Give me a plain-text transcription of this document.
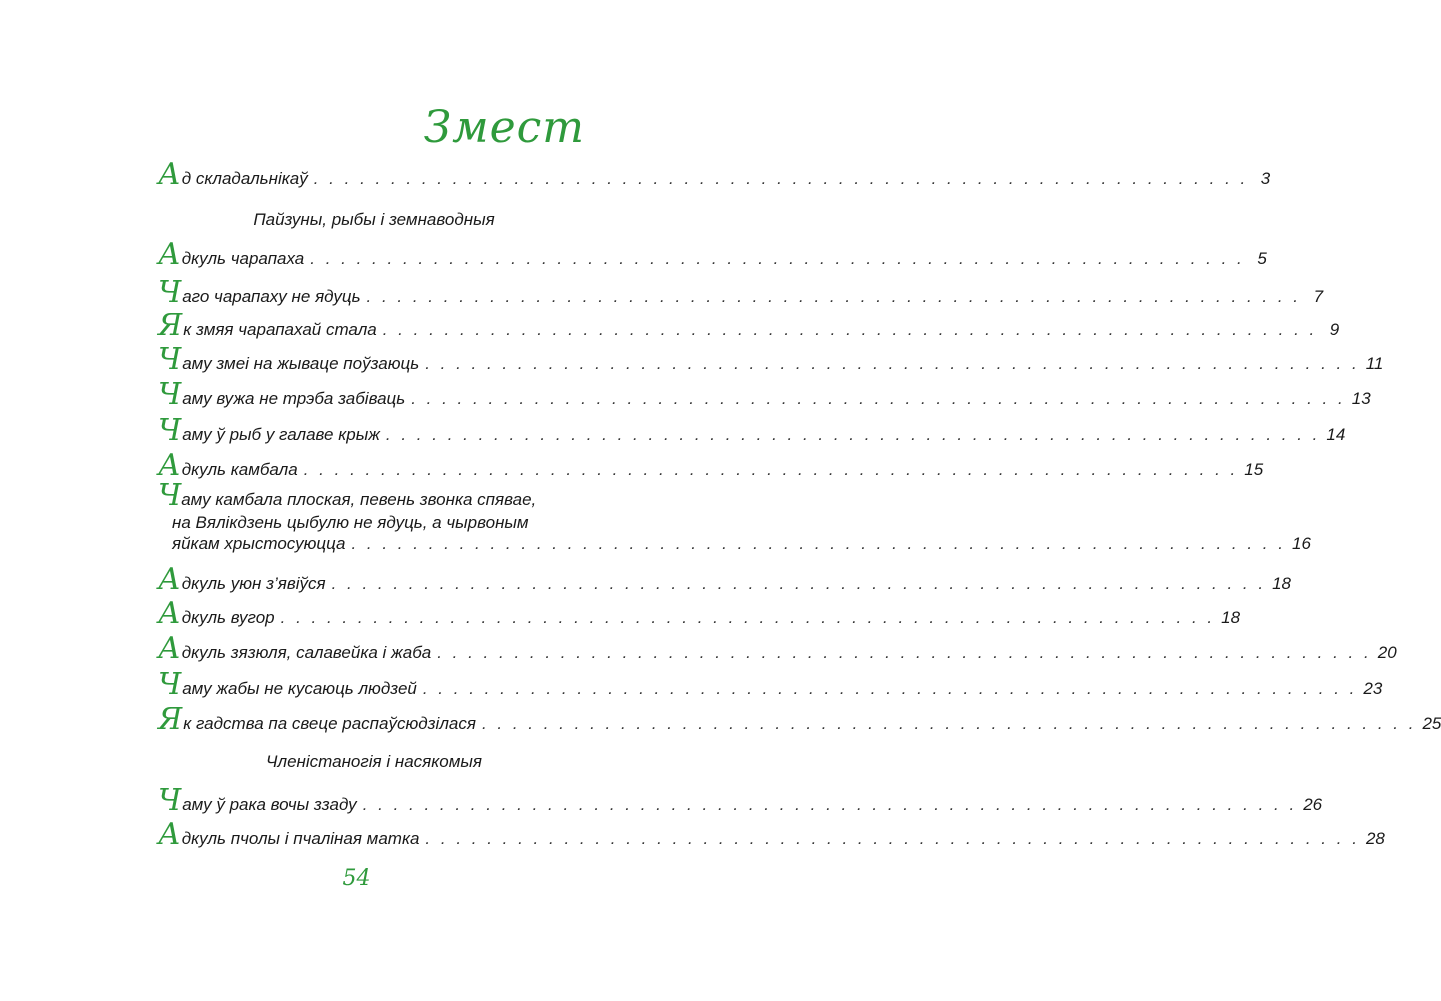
Змест
А д складальнікаў . . . . . . . . . . . . . . . . . . . . . . . . . . . . . . . . . . . . . . . . . . . . . . . . . . . . . . . . . . . . . 3
Пайзуны, рыбы і земнаводныя
А дкуль чарапаха . . . . . . . . . . . . . . . . . . . . . . . . . . . . . . . . . . . . . . . . . . . . . . . . . . . . . . . . . . . . . 5
Ч аго чарапаху не ядуць . . . . . . . . . . . . . . . . . . . . . . . . . . . . . . . . . . . . . . . . . . . . . . . . . . . . . . . . . . . . . 7
Я к змяя чарапахай стала . . . . . . . . . . . . . . . . . . . . . . . . . . . . . . . . . . . . . . . . . . . . . . . . . . . . . . . . . . . . . 9
Ч аму змеі на жываце поўзаюць . . . . . . . . . . . . . . . . . . . . . . . . . . . . . . . . . . . . . . . . . . . . . . . . . . . . . . . . . . . . . 11
Ч аму вужа не трэба забіваць . . . . . . . . . . . . . . . . . . . . . . . . . . . . . . . . . . . . . . . . . . . . . . . . . . . . . . . . . . . . . 13
Ч аму ў рыб у галаве крыж . . . . . . . . . . . . . . . . . . . . . . . . . . . . . . . . . . . . . . . . . . . . . . . . . . . . . . . . . . . . . 14
А дкуль камбала . . . . . . . . . . . . . . . . . . . . . . . . . . . . . . . . . . . . . . . . . . . . . . . . . . . . . . . . . . . . . 15
Чаму камбала плоская, певень звонка спявае,
на Вялікдзень цыбулю не ядуць, а чырвоным
яйкам хрыстосуюцца . . . . . . . . . . . . . . . . . . . . . . . . . . . . . . . . . . . . . . . . . . . . . . . . . . . . . . . . . . . . . 16
А дкуль уюн з’явіўся . . . . . . . . . . . . . . . . . . . . . . . . . . . . . . . . . . . . . . . . . . . . . . . . . . . . . . . . . . . . . 18
А дкуль вугор . . . . . . . . . . . . . . . . . . . . . . . . . . . . . . . . . . . . . . . . . . . . . . . . . . . . . . . . . . . . . 18
А дкуль зязюля, салавейка і жаба . . . . . . . . . . . . . . . . . . . . . . . . . . . . . . . . . . . . . . . . . . . . . . . . . . . . . . . . . . . . . 20
Ч аму жабы не кусаюць людзей . . . . . . . . . . . . . . . . . . . . . . . . . . . . . . . . . . . . . . . . . . . . . . . . . . . . . . . . . . . . . 23
Я к гадства па свеце распаўсюдзілася . . . . . . . . . . . . . . . . . . . . . . . . . . . . . . . . . . . . . . . . . . . . . . . . . . . . . . . . . . . . . 25
Членістаногія і насякомыя
Ч аму ў рака вочы ззаду . . . . . . . . . . . . . . . . . . . . . . . . . . . . . . . . . . . . . . . . . . . . . . . . . . . . . . . . . . . . . 26
А дкуль пчолы і пчаліная матка . . . . . . . . . . . . . . . . . . . . . . . . . . . . . . . . . . . . . . . . . . . . . . . . . . . . . . . . . . . . . 28
54
